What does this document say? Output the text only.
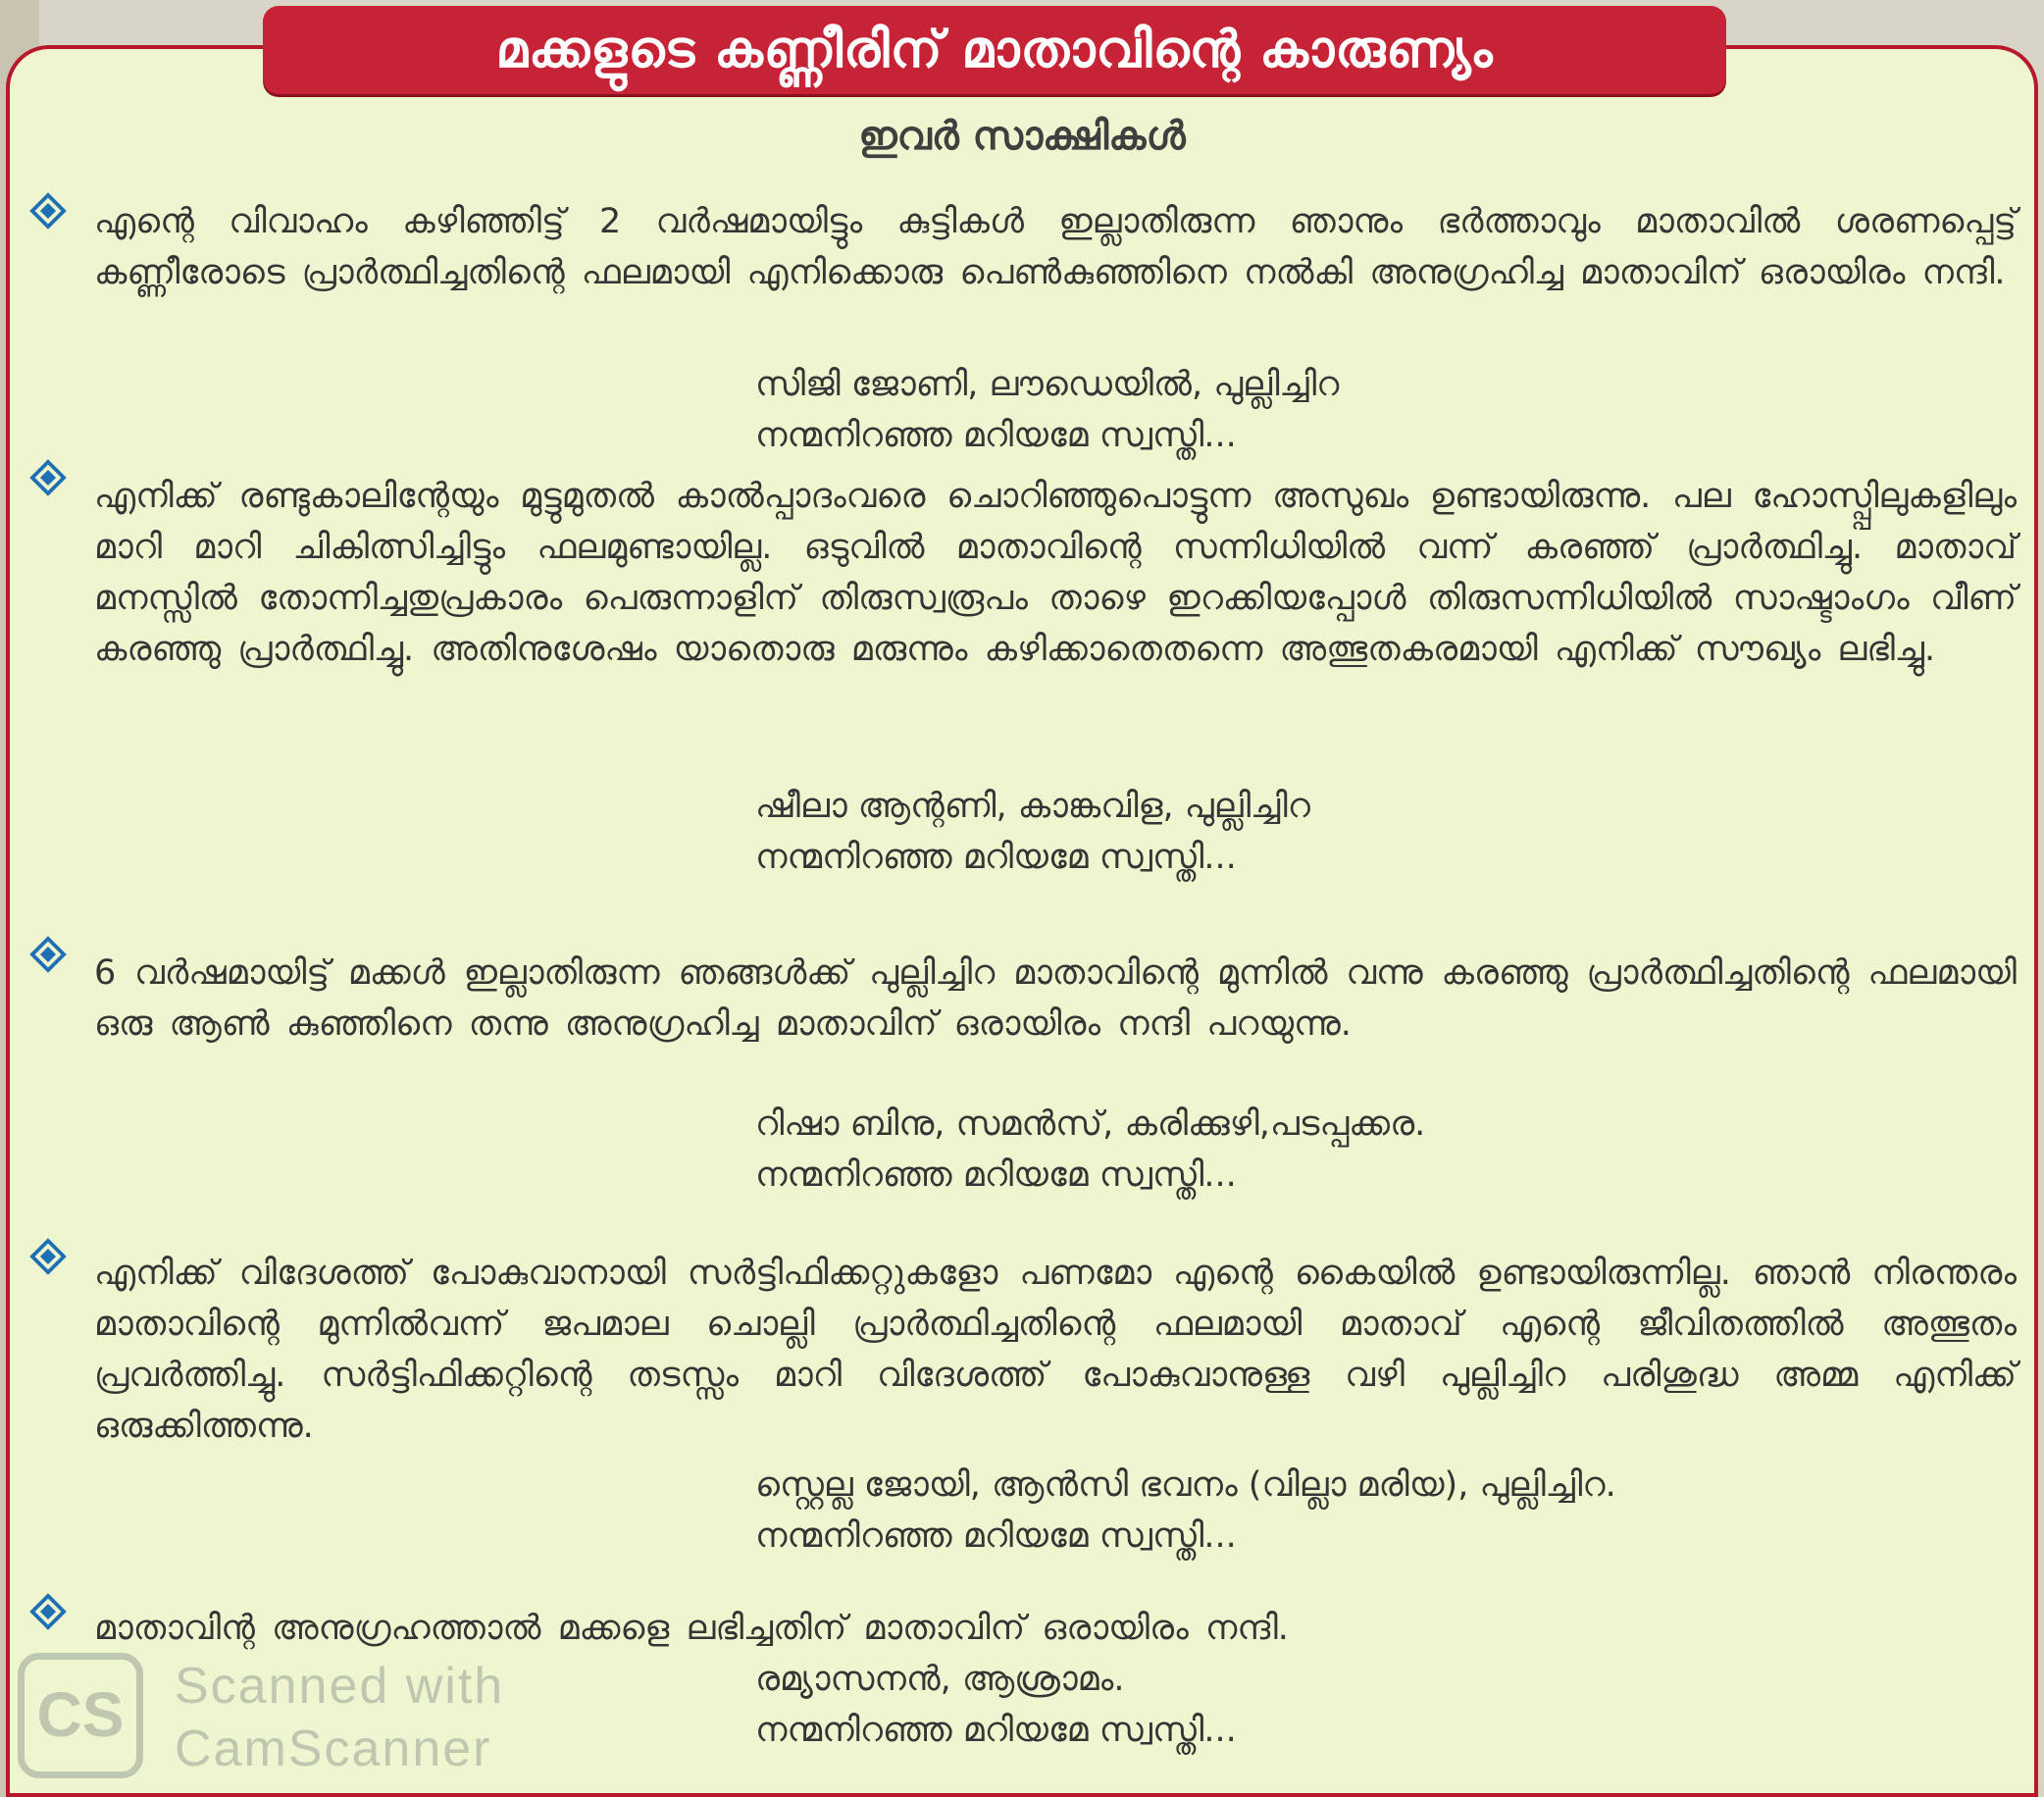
മക്കളുടെ കണ്ണീരിന് മാതാവിന്റെ കാരുണ്യം
ഇവർ സാക്ഷികൾ
എന്റെ വിവാഹം കഴിഞ്ഞിട്ട് 2 വർഷമായിട്ടും കുട്ടികൾ ഇല്ലാതിരുന്ന ഞാനും ഭർത്താവും മാതാവിൽ ശരണപ്പെട്ട് കണ്ണീരോടെ പ്രാർത്ഥിച്ചതിന്റെ ഫലമായി എനിക്കൊരു പെൺകുഞ്ഞിനെ നൽകി അനുഗ്രഹിച്ച മാതാവിന് ഒരായിരം നന്ദി.
സിജി ജോണി, ലൗഡെയിൽ, പുല്ലിച്ചിറ
നന്മനിറഞ്ഞ മറിയമേ സ്വസ്തി...
എനിക്ക് രണ്ടുകാലിന്റേയും മുട്ടുമുതൽ കാൽപ്പാദംവരെ ചൊറിഞ്ഞുപൊട്ടുന്ന അസുഖം ഉണ്ടായിരുന്നു. പല ഹോസ്പ്പിലുകളിലും മാറി മാറി ചികിത്സിച്ചിട്ടും ഫലമുണ്ടായില്ല. ഒടുവിൽ മാതാവിന്റെ സന്നിധിയിൽ വന്ന് കരഞ്ഞ് പ്രാർത്ഥിച്ചു. മാതാവ് മനസ്സിൽ തോന്നിച്ചതുപ്രകാരം പെരുന്നാളിന് തിരുസ്വരൂപം താഴെ ഇറക്കിയപ്പോൾ തിരുസന്നിധിയിൽ സാഷ്ടാംഗം വീണ് കരഞ്ഞു പ്രാർത്ഥിച്ചു. അതിനുശേഷം യാതൊരു മരുന്നും കഴിക്കാതെതന്നെ അത്ഭുതകരമായി എനിക്ക് സൗഖ്യം ലഭിച്ചു.
ഷീലാ ആന്റണി, കാങ്കവിള, പുല്ലിച്ചിറ
നന്മനിറഞ്ഞ മറിയമേ സ്വസ്തി...
6 വർഷമായിട്ട് മക്കൾ ഇല്ലാതിരുന്ന ഞങ്ങൾക്ക് പുല്ലിച്ചിറ മാതാവിന്റെ മുന്നിൽ വന്നു കരഞ്ഞു പ്രാർത്ഥിച്ചതിന്റെ ഫലമായി ഒരു ആൺ കുഞ്ഞിനെ തന്നു അനുഗ്രഹിച്ച മാതാവിന് ഒരായിരം നന്ദി പറയുന്നു.
റിഷാ ബിനു, സമൻസ്, കരിക്കുഴി,പടപ്പക്കര.
നന്മനിറഞ്ഞ മറിയമേ സ്വസ്തി...
എനിക്ക് വിദേശത്ത് പോകുവാനായി സർട്ടിഫിക്കറ്റുകളോ പണമോ എന്റെ കൈയിൽ ഉണ്ടായിരുന്നില്ല. ഞാൻ നിരന്തരം മാതാവിന്റെ മുന്നിൽവന്ന് ജപമാല ചൊല്ലി പ്രാർത്ഥിച്ചതിന്റെ ഫലമായി മാതാവ് എന്റെ ജീവിതത്തിൽ അത്ഭുതം പ്രവർത്തിച്ചു. സർട്ടിഫിക്കറ്റിന്റെ തടസ്സം മാറി വിദേശത്ത് പോകുവാനുള്ള വഴി പുല്ലിച്ചിറ പരിശുദ്ധ അമ്മ എനിക്ക് ഒരുക്കിത്തന്നു.
സ്റ്റെല്ല ജോയി, ആൻസി ഭവനം (വില്ലാ മരിയ), പുല്ലിച്ചിറ.
നന്മനിറഞ്ഞ മറിയമേ സ്വസ്തി...
മാതാവിന്റ അനുഗ്രഹത്താൽ മക്കളെ ലഭിച്ചതിന് മാതാവിന് ഒരായിരം നന്ദി.
രമ്യാസനൻ, ആശ്രാമം.
നന്മനിറഞ്ഞ മറിയമേ സ്വസ്തി...
CS Scanned with
CamScanner
